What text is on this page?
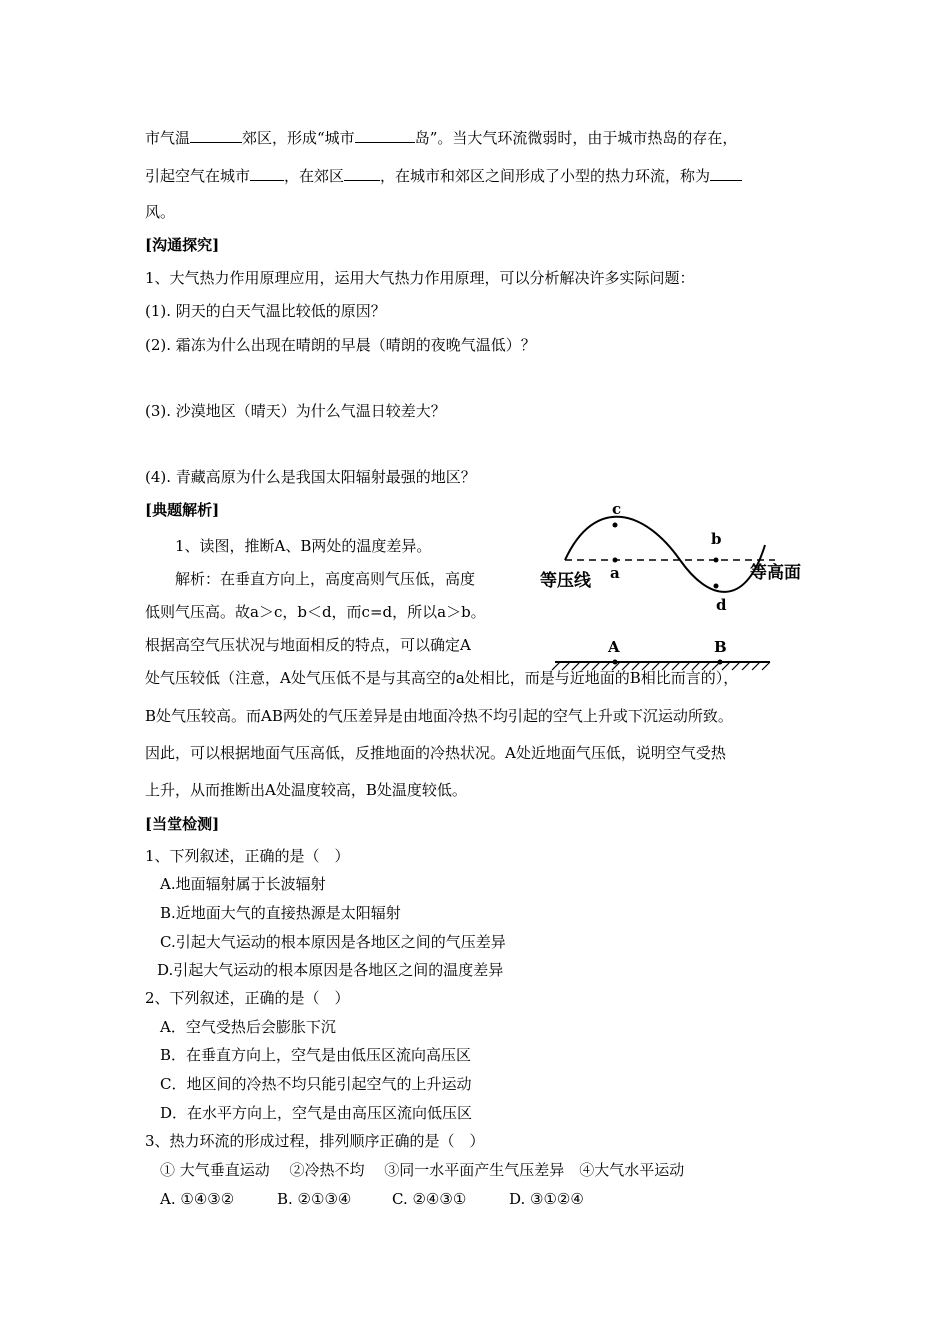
市气温	郊区，形成“城市	岛”。当大气环流微弱时，由于城市热岛的存在，
引起空气在城市 ，在郊区 ，在城市和郊区之间形成了小型的热力环流，称为
风。
[沟通探究]
1、大气热力作用原理应用，运用大气热力作用原理，可以分析解决许多实际问题：
(1). 阴天的白天气温比较低的原因？
(2). 霜冻为什么出现在晴朗的早晨（晴朗的夜晚气温低）？
(3). 沙漠地区（晴天）为什么气温日较差大？
(4). 青藏高原为什么是我国太阳辐射最强的地区？
[典题解析]
1、读图，推断A、B两处的温度差异。
解析：在垂直方向上，高度高则气压低，高度
低则气压高。故a＞c，b＜d，而c=d，所以a＞b。
根据高空气压状况与地面相反的特点，可以确定A
处气压较低（注意，A处气压低不是与其高空的a处相比，而是与近地面的B相比而言的），
B处气压较高。而AB两处的气压差异是由地面冷热不均引起的空气上升或下沉运动所致。
因此，可以根据地面气压高低，反推地面的冷热状况。A处近地面气压低，说明空气受热
上升，从而推断出A处温度较高，B处温度较低。
c
a
b
d
等压线	等高面
A	B
[当堂检测]
1、下列叙述，正确的是（　）
A.地面辐射属于长波辐射
B.近地面大气的直接热源是太阳辐射
C.引起大气运动的根本原因是各地区之间的气压差异
D.引起大气运动的根本原因是各地区之间的温度差异
2、下列叙述，正确的是（　）
A．空气受热后会膨胀下沉
B．在垂直方向上，空气是由低压区流向高压区
C．地区间的冷热不均只能引起空气的上升运动
D．在水平方向上，空气是由高压区流向低压区
3、热力环流的形成过程，排列顺序正确的是（　）
① 大气垂直运动　 ②冷热不均　 ③同一水平面产生气压差异　④大气水平运动
A. ①④③②	B. ②①③④	C. ②④③①	D. ③①②④
